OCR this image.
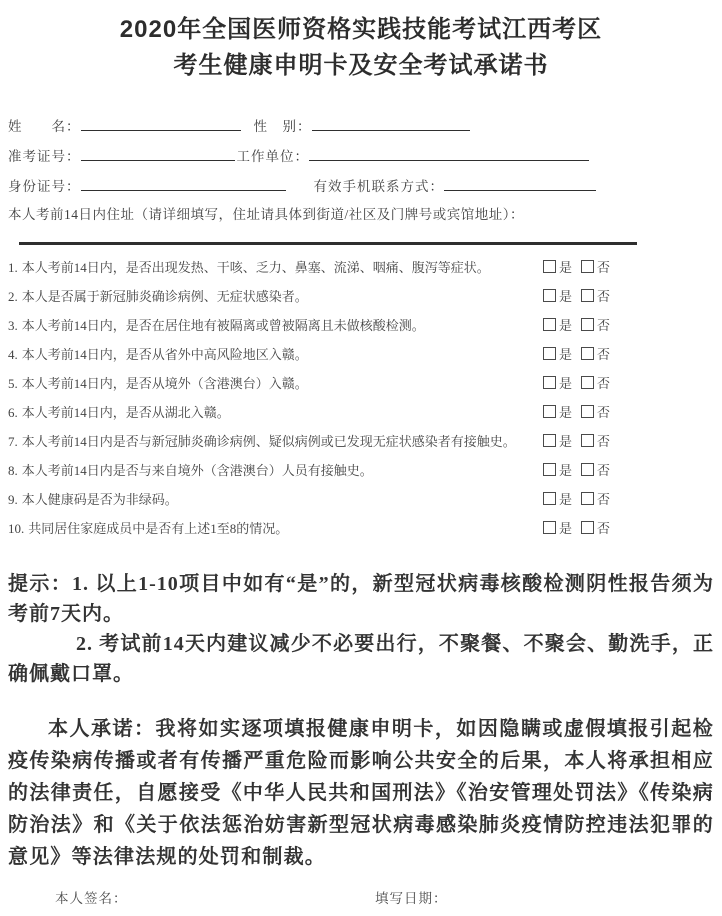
2020年全国医师资格实践技能考试江西考区
考生健康申明卡及安全考试承诺书
姓　　名：	性　别：
准考证号：	工作单位：
身份证号：	有效手机联系方式：
本人考前14日内住址（请详细填写，住址请具体到街道/社区及门牌号或宾馆地址）：
1. 本人考前14日内，是否出现发热、干咳、乏力、鼻塞、流涕、咽痛、腹泻等症状。	是 否
2. 本人是否属于新冠肺炎确诊病例、无症状感染者。	是 否
3. 本人考前14日内，是否在居住地有被隔离或曾被隔离且未做核酸检测。	是 否
4. 本人考前14日内，是否从省外中高风险地区入赣。	是 否
5. 本人考前14日内，是否从境外（含港澳台）入赣。	是 否
6. 本人考前14日内，是否从湖北入赣。	是 否
7. 本人考前14日内是否与新冠肺炎确诊病例、疑似病例或已发现无症状感染者有接触史。	是 否
8. 本人考前14日内是否与来自境外（含港澳台）人员有接触史。	是 否
9. 本人健康码是否为非绿码。	是 否
10. 共同居住家庭成员中是否有上述1至8的情况。	是 否

提示：1. 以上1-10项目中如有“是”的，新型冠状病毒核酸检测阴性报告须为考前7天内。

2. 考试前14天内建议减少不必要出行，不聚餐、不聚会、勤洗手，正确佩戴口罩。

本人承诺：我将如实逐项填报健康申明卡，如因隐瞒或虚假填报引起检疫传染病传播或者有传播严重危险而影响公共安全的后果，本人将承担相应的法律责任，自愿接受《中华人民共和国刑法》《治安管理处罚法》《传染病防治法》和《关于依法惩治妨害新型冠状病毒感染肺炎疫情防控违法犯罪的意见》等法律法规的处罚和制裁。

本人签名：	填写日期：
